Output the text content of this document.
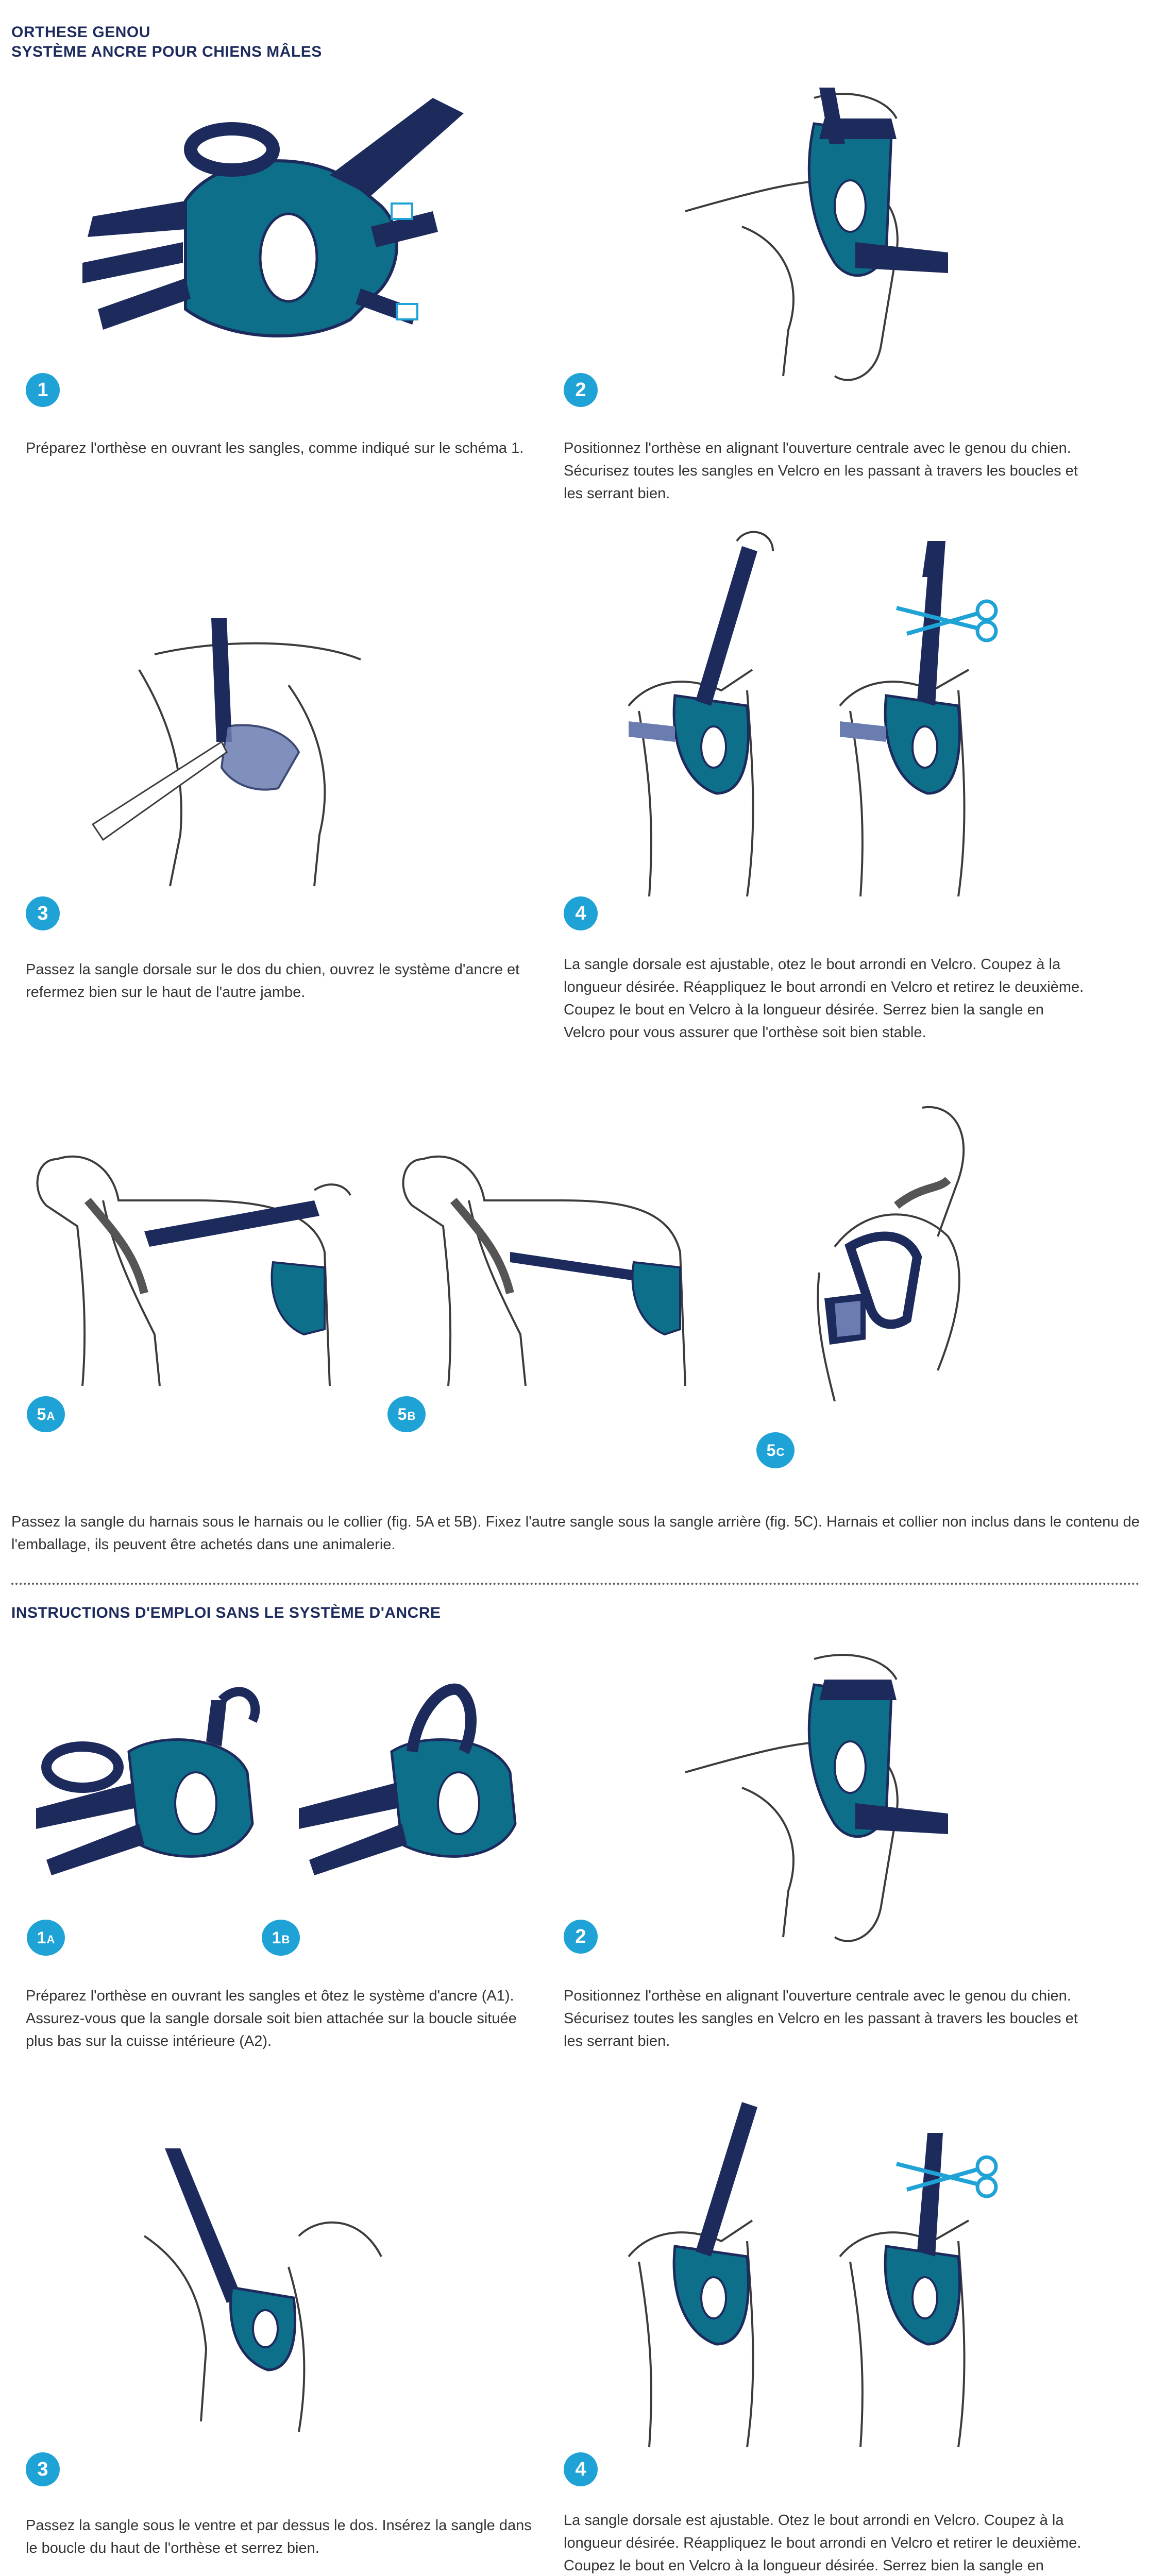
ORTHESE GENOU
SYSTÈME ANCRE POUR CHIENS MÂLES
1
Préparez l'orthèse en ouvrant les sangles, comme indiqué sur le schéma 1.
2
Positionnez l'orthèse en alignant l'ouverture centrale avec le genou du chien. Sécurisez toutes les sangles en Velcro en les passant à travers les boucles et les serrant bien.
3
Passez la sangle dorsale sur le dos du chien, ouvrez le système d'ancre et refermez bien sur le haut de l'autre jambe.
4
La sangle dorsale est ajustable, otez le bout arrondi en Velcro. Coupez à la longueur désirée. Réappliquez le bout arrondi en Velcro et retirez le deuxième. Coupez le bout en Velcro à la longueur désirée. Serrez bien la sangle en Velcro pour vous assurer que l'orthèse soit bien stable.
5 A	5 B
5 C
Passez la sangle du harnais sous le harnais ou le collier (fig. 5A et 5B). Fixez l'autre sangle sous la sangle arrière (fig. 5C). Harnais et collier non inclus dans le contenu de l'emballage, ils peuvent être achetés dans une animalerie.
INSTRUCTIONS D'EMPLOI SANS LE SYSTÈME D'ANCRE
1 A	1 B
Préparez l'orthèse en ouvrant les sangles et ôtez le système d'ancre (A1). Assurez-vous que la sangle dorsale soit bien attachée sur la boucle située plus bas sur la cuisse intérieure (A2).
2
Positionnez l'orthèse en alignant l'ouverture centrale avec le genou du chien. Sécurisez toutes les sangles en Velcro en les passant à travers les boucles et les serrant bien.
3
Passez la sangle sous le ventre et par dessus le dos. Insérez la sangle dans le boucle du haut de l'orthèse et serrez bien.
4
La sangle dorsale est ajustable. Otez le bout arrondi en Velcro. Coupez à la longueur désirée. Réappliquez le bout arrondi en Velcro et retirer le deuxième. Coupez le bout en Velcro à la longueur désirée. Serrez bien la sangle en
